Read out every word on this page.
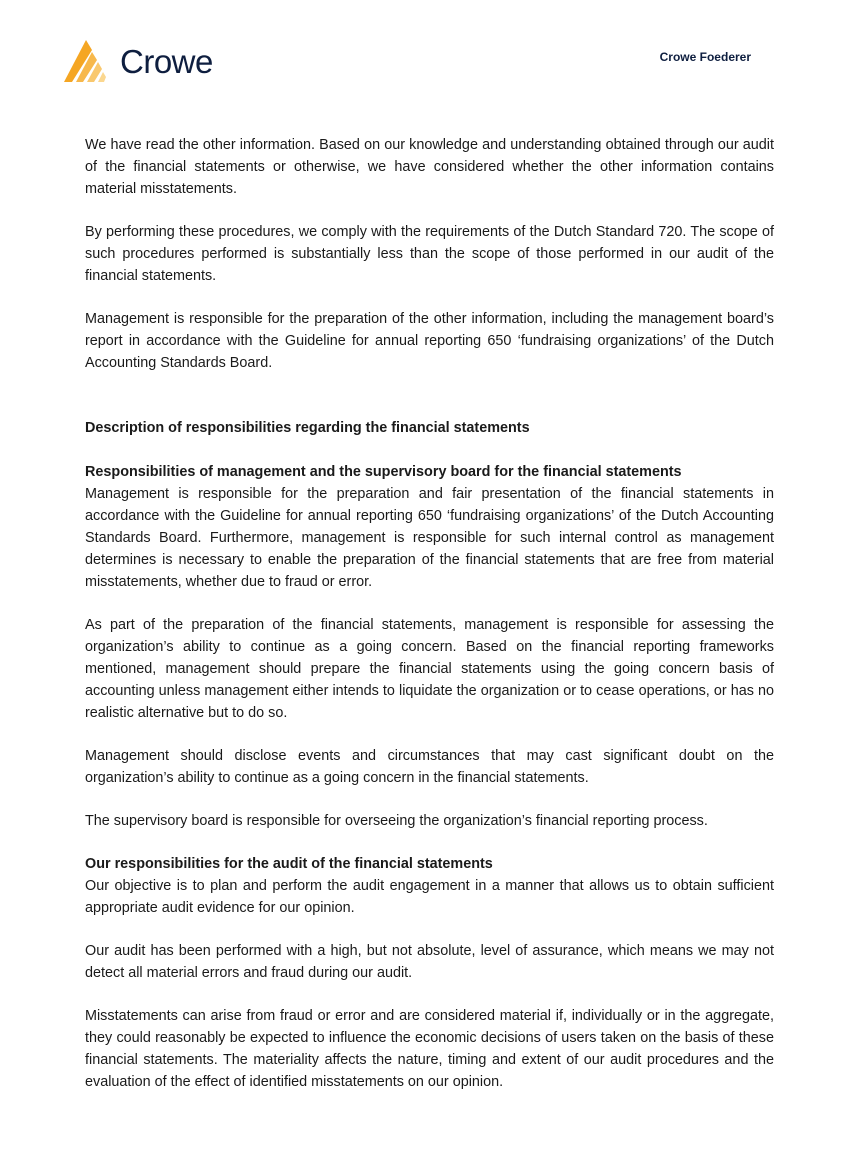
Crowe	Crowe Foederer

We have read the other information. Based on our knowledge and understanding obtained through our audit of the financial statements or otherwise, we have considered whether the other information contains material misstatements.

By performing these procedures, we comply with the requirements of the Dutch Standard 720. The scope of such procedures performed is substantially less than the scope of those performed in our audit of the financial statements.

Management is responsible for the preparation of the other information, including the management board’s report in accordance with the Guideline for annual reporting 650 ‘fundraising organizations’ of the Dutch Accounting Standards Board.

Description of responsibilities regarding the financial statements
Responsibilities of management and the supervisory board for the financial statements

Management is responsible for the preparation and fair presentation of the financial statements in accordance with the Guideline for annual reporting 650 ‘fundraising organizations’ of the Dutch Accounting Standards Board. Furthermore, management is responsible for such internal control as management determines is necessary to enable the preparation of the financial statements that are free from material misstatements, whether due to fraud or error.

As part of the preparation of the financial statements, management is responsible for assessing the organization’s ability to continue as a going concern. Based on the financial reporting frameworks mentioned, management should prepare the financial statements using the going concern basis of accounting unless management either intends to liquidate the organization or to cease operations, or has no realistic alternative but to do so.

Management should disclose events and circumstances that may cast significant doubt on the organization’s ability to continue as a going concern in the financial statements.

The supervisory board is responsible for overseeing the organization’s financial reporting process.

Our responsibilities for the audit of the financial statements

Our objective is to plan and perform the audit engagement in a manner that allows us to obtain sufficient appropriate audit evidence for our opinion.

Our audit has been performed with a high, but not absolute, level of assurance, which means we may not detect all material errors and fraud during our audit.

Misstatements can arise from fraud or error and are considered material if, individually or in the aggregate, they could reasonably be expected to influence the economic decisions of users taken on the basis of these financial statements. The materiality affects the nature, timing and extent of our audit procedures and the evaluation of the effect of identified misstatements on our opinion.
